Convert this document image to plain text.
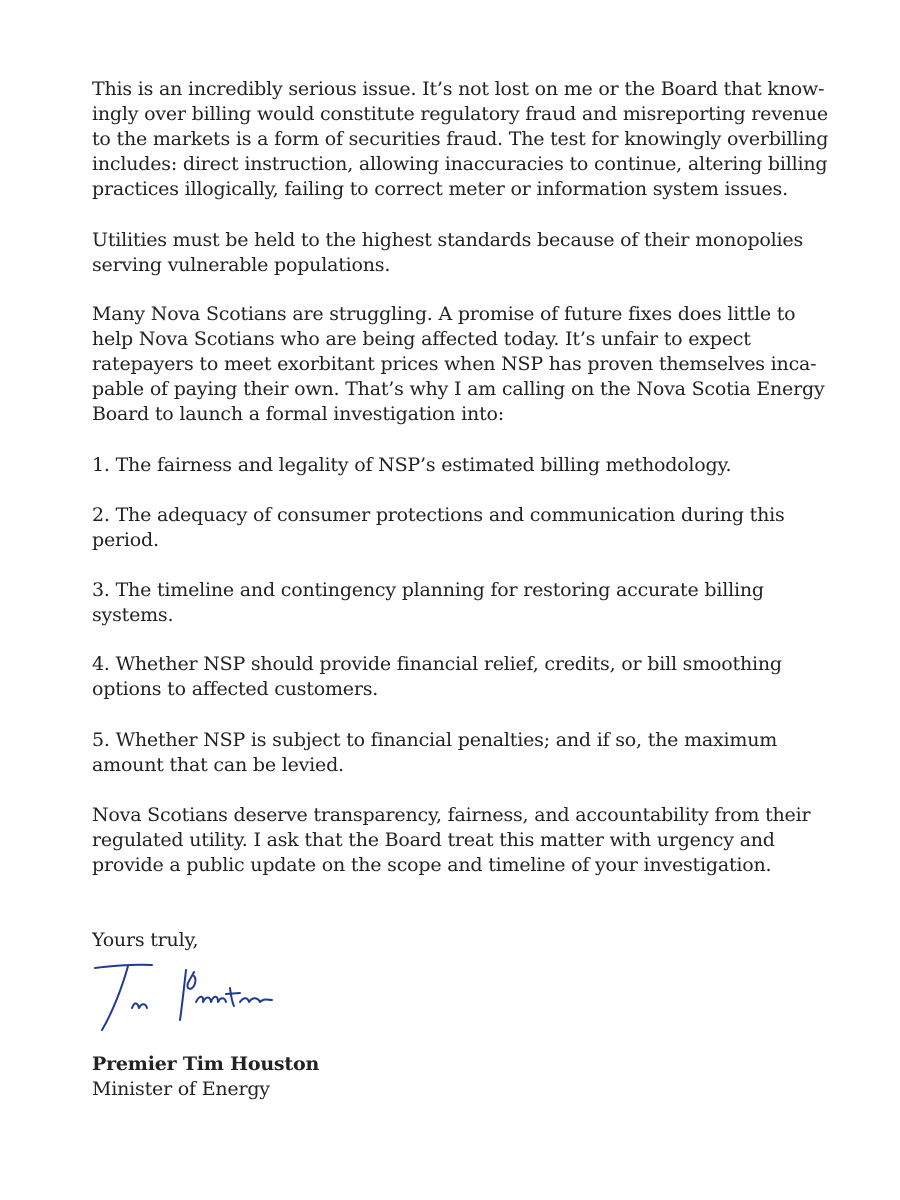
This is an incredibly serious issue. It’s not lost on me or the Board that know-
ingly over billing would constitute regulatory fraud and misreporting revenue
to the markets is a form of securities fraud. The test for knowingly overbilling
includes: direct instruction, allowing inaccuracies to continue, altering billing
practices illogically, failing to correct meter or information system issues.
Utilities must be held to the highest standards because of their monopolies
serving vulnerable populations.
Many Nova Scotians are struggling. A promise of future fixes does little to
help Nova Scotians who are being affected today. It’s unfair to expect
ratepayers to meet exorbitant prices when NSP has proven themselves inca-
pable of paying their own. That’s why I am calling on the Nova Scotia Energy
Board to launch a formal investigation into:
1. The fairness and legality of NSP’s estimated billing methodology.
2. The adequacy of consumer protections and communication during this
period.
3. The timeline and contingency planning for restoring accurate billing
systems.
4. Whether NSP should provide financial relief, credits, or bill smoothing
options to affected customers.
5. Whether NSP is subject to financial penalties; and if so, the maximum
amount that can be levied.
Nova Scotians deserve transparency, fairness, and accountability from their
regulated utility. I ask that the Board treat this matter with urgency and
provide a public update on the scope and timeline of your investigation.
Yours truly,
Premier Tim Houston
Minister of Energy
